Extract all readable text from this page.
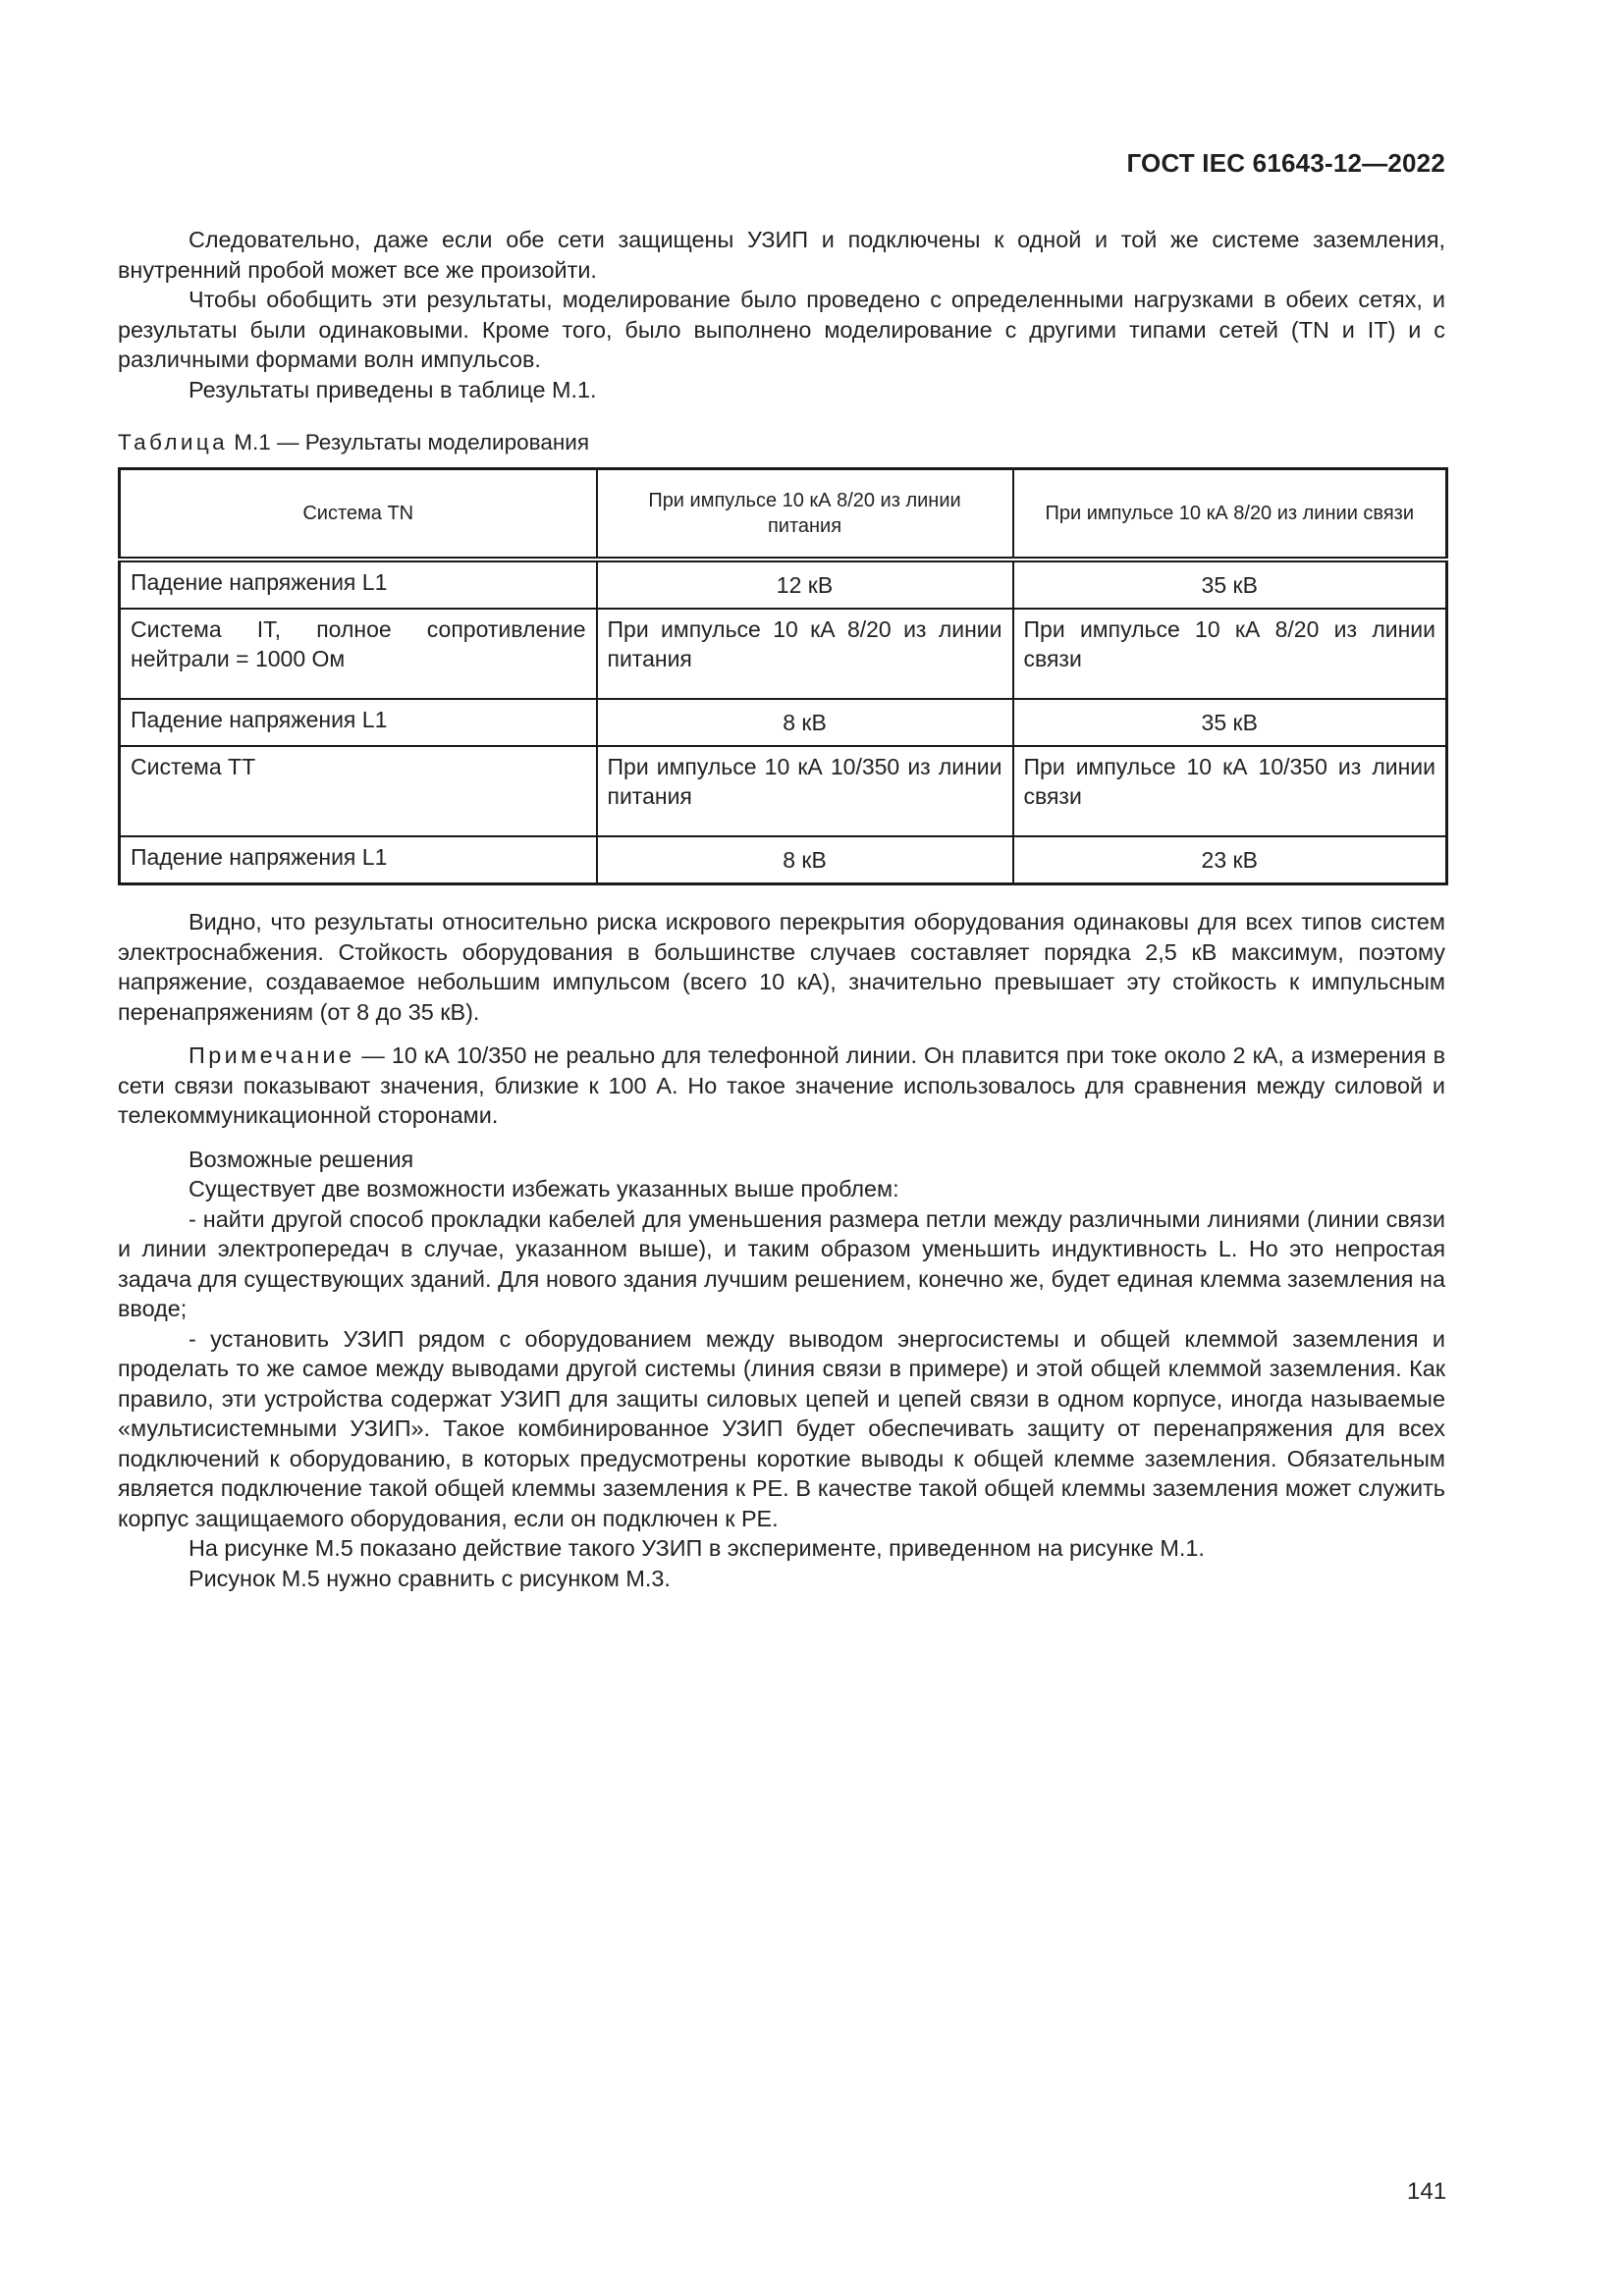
ГОСТ IEC 61643-12—2022

Следовательно, даже если обе сети защищены УЗИП и подключены к одной и той же системе заземления, внутренний пробой может все же произойти.

Чтобы обобщить эти результаты, моделирование было проведено с определенными нагрузками в обеих сетях, и результаты были одинаковыми. Кроме того, было выполнено моделирование с другими типами сетей (TN и IT) и с различными формами волн импульсов.

Результаты приведены в таблице M.1.

Таблица M.1 — Результаты моделирования
Система TN	При импульсе 10 кА 8/20 из линии питания	При импульсе 10 кА 8/20 из линии связи
Падение напряжения L1	12 кВ	35 кВ
Система IT, полное сопротивление нейтрали = 1000 Ом	При импульсе 10 кА 8/20 из линии питания	При импульсе 10 кА 8/20 из линии связи
Падение напряжения L1	8 кВ	35 кВ
Система TT	При импульсе 10 кА 10/350 из линии питания	При импульсе 10 кА 10/350 из линии связи
Падение напряжения L1	8 кВ	23 кВ

Видно, что результаты относительно риска искрового перекрытия оборудования одинаковы для всех типов систем электроснабжения. Стойкость оборудования в большинстве случаев составляет порядка 2,5 кВ максимум, поэтому напряжение, создаваемое небольшим импульсом (всего 10 кА), значительно превышает эту стойкость к импульсным перенапряжениям (от 8 до 35 кВ).

Примечание — 10 кА 10/350 не реально для телефонной линии. Он плавится при токе около 2 кА, а измерения в сети связи показывают значения, близкие к 100 А. Но такое значение использовалось для сравнения между силовой и телекоммуникационной сторонами.

Возможные решения

Существует две возможности избежать указанных выше проблем:

- найти другой способ прокладки кабелей для уменьшения размера петли между различными линиями (линии связи и линии электропередач в случае, указанном выше), и таким образом уменьшить индуктивность L. Но это непростая задача для существующих зданий. Для нового здания лучшим решением, конечно же, будет единая клемма заземления на вводе;

- установить УЗИП рядом с оборудованием между выводом энергосистемы и общей клеммой заземления и проделать то же самое между выводами другой системы (линия связи в примере) и этой общей клеммой заземления. Как правило, эти устройства содержат УЗИП для защиты силовых цепей и цепей связи в одном корпусе, иногда называемые «мультисистемными УЗИП». Такое комбинированное УЗИП будет обеспечивать защиту от перенапряжения для всех подключений к оборудованию, в которых предусмотрены короткие выводы к общей клемме заземления. Обязательным является подключение такой общей клеммы заземления к PE. В качестве такой общей клеммы заземления может служить корпус защищаемого оборудования, если он подключен к PE.

На рисунке M.5 показано действие такого УЗИП в эксперименте, приведенном на рисунке M.1.

Рисунок M.5 нужно сравнить с рисунком M.3.

141
